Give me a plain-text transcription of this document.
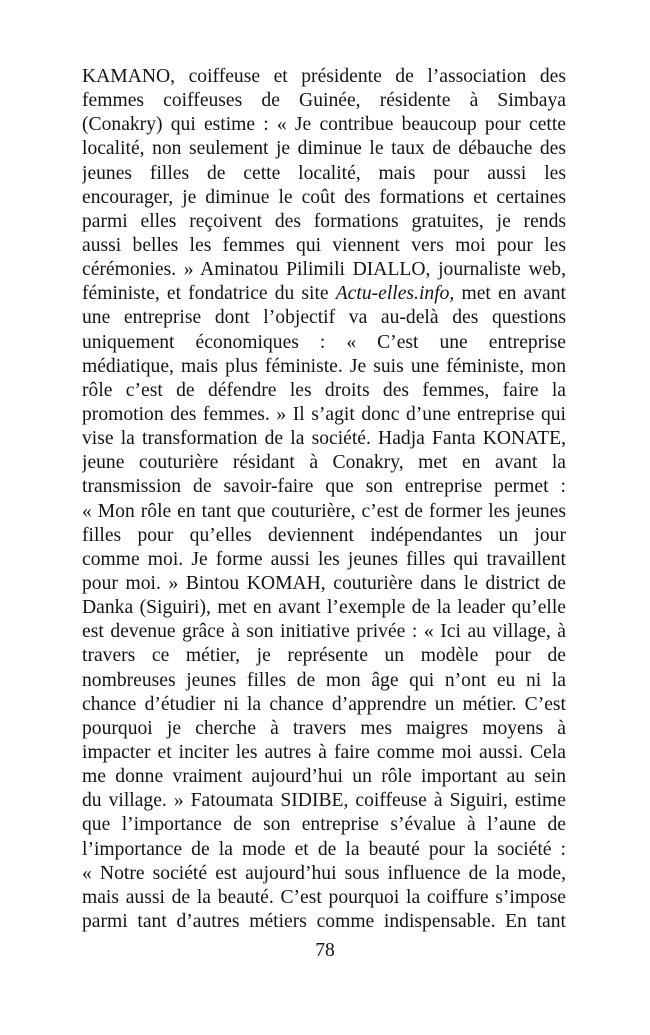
KAMANO, coiffeuse et présidente de l’association des
femmes coiffeuses de Guinée, résidente à Simbaya
(Conakry) qui estime : « Je contribue beaucoup pour cette
localité, non seulement je diminue le taux de débauche des
jeunes filles de cette localité, mais pour aussi les
encourager, je diminue le coût des formations et certaines
parmi elles reçoivent des formations gratuites, je rends
aussi belles les femmes qui viennent vers moi pour les
cérémonies. » Aminatou Pilimili DIALLO, journaliste web,
féministe, et fondatrice du site Actu-elles.info, met en avant
une entreprise dont l’objectif va au-delà des questions
uniquement économiques : « C’est une entreprise
médiatique, mais plus féministe. Je suis une féministe, mon
rôle c’est de défendre les droits des femmes, faire la
promotion des femmes. » Il s’agit donc d’une entreprise qui
vise la transformation de la société. Hadja Fanta KONATE,
jeune couturière résidant à Conakry, met en avant la
transmission de savoir-faire que son entreprise permet :
« Mon rôle en tant que couturière, c’est de former les jeunes
filles pour qu’elles deviennent indépendantes un jour
comme moi. Je forme aussi les jeunes filles qui travaillent
pour moi. » Bintou KOMAH, couturière dans le district de
Danka (Siguiri), met en avant l’exemple de la leader qu’elle
est devenue grâce à son initiative privée : « Ici au village, à
travers ce métier, je représente un modèle pour de
nombreuses jeunes filles de mon âge qui n’ont eu ni la
chance d’étudier ni la chance d’apprendre un métier. C’est
pourquoi je cherche à travers mes maigres moyens à
impacter et inciter les autres à faire comme moi aussi. Cela
me donne vraiment aujourd’hui un rôle important au sein
du village. » Fatoumata SIDIBE, coiffeuse à Siguiri, estime
que l’importance de son entreprise s’évalue à l’aune de
l’importance de la mode et de la beauté pour la société :
« Notre société est aujourd’hui sous influence de la mode,
mais aussi de la beauté. C’est pourquoi la coiffure s’impose
parmi tant d’autres métiers comme indispensable. En tant
78
